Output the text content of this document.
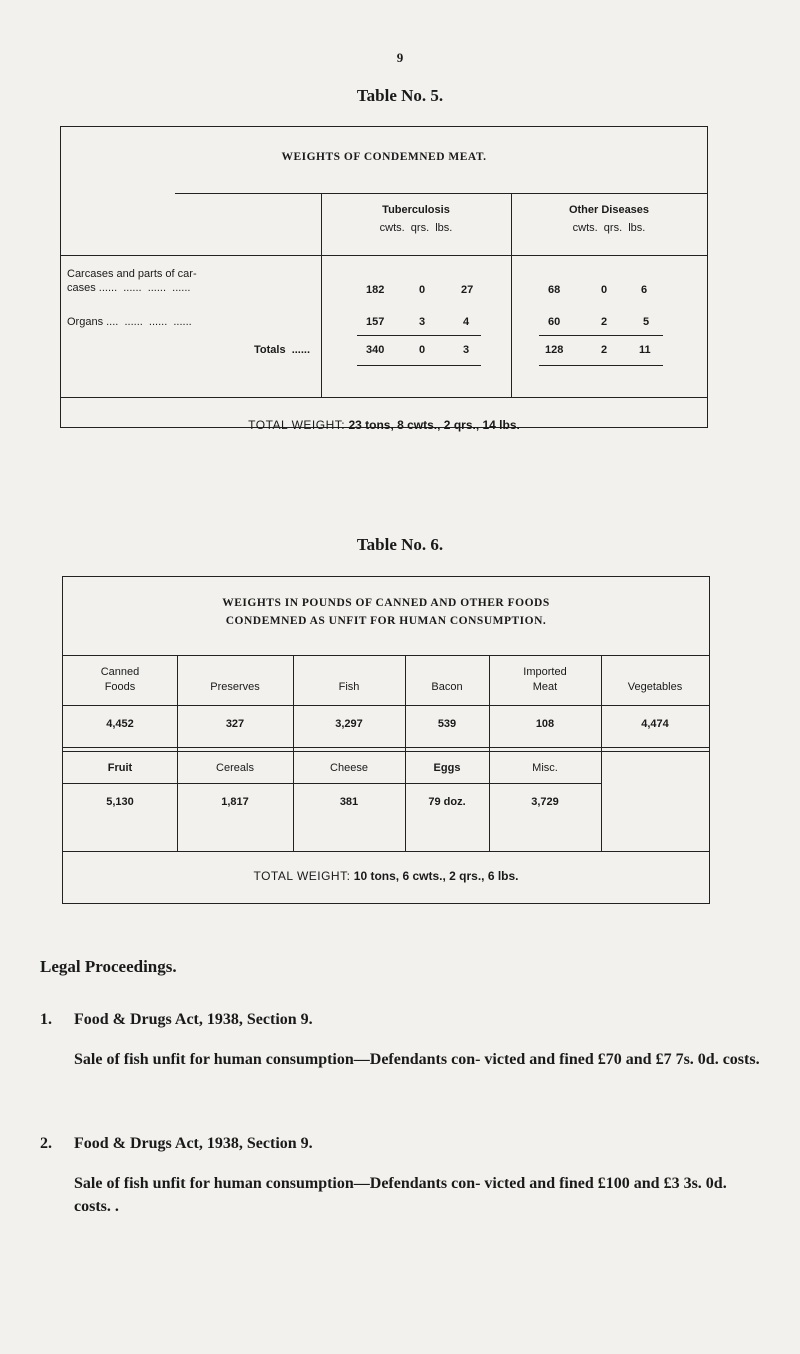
9
Table No. 5.
WEIGHTS OF CONDEMNED MEAT.
Tuberculosis
cwts.  qrs.  lbs.
Other Diseases
cwts.  qrs.  lbs.
Carcases and parts of car-
cases ......  ......  ......  ......	182	0	27	68	0	6
Organs ....  ......  ......  ......	157	3	4	60	2	5
Totals  ......	340	0	3	128	2	11
TOTAL WEIGHT: 23 tons, 8 cwts., 2 qrs., 14 lbs.
Table No. 6.
WEIGHTS IN POUNDS OF CANNED AND OTHER FOODS
CONDEMNED AS UNFIT FOR HUMAN CONSUMPTION.
Canned
Foods	Preserves	Fish	Bacon
Imported
Meat	Vegetables
4,452	327	3,297	539	108	4,474
Fruit	Cereals	Cheese	Eggs	Misc.
5,130	1,817	381	79 doz.	3,729
TOTAL WEIGHT: 10 tons, 6 cwts., 2 qrs., 6 lbs.
Legal Proceedings.
1. Food & Drugs Act, 1938, Section 9.
Sale of fish unfit for human consumption—Defendants con- victed and fined £70 and £7 7s. 0d. costs.
2. Food & Drugs Act, 1938, Section 9.
Sale of fish unfit for human consumption—Defendants con- victed and fined £100 and £3 3s. 0d. costs. .
